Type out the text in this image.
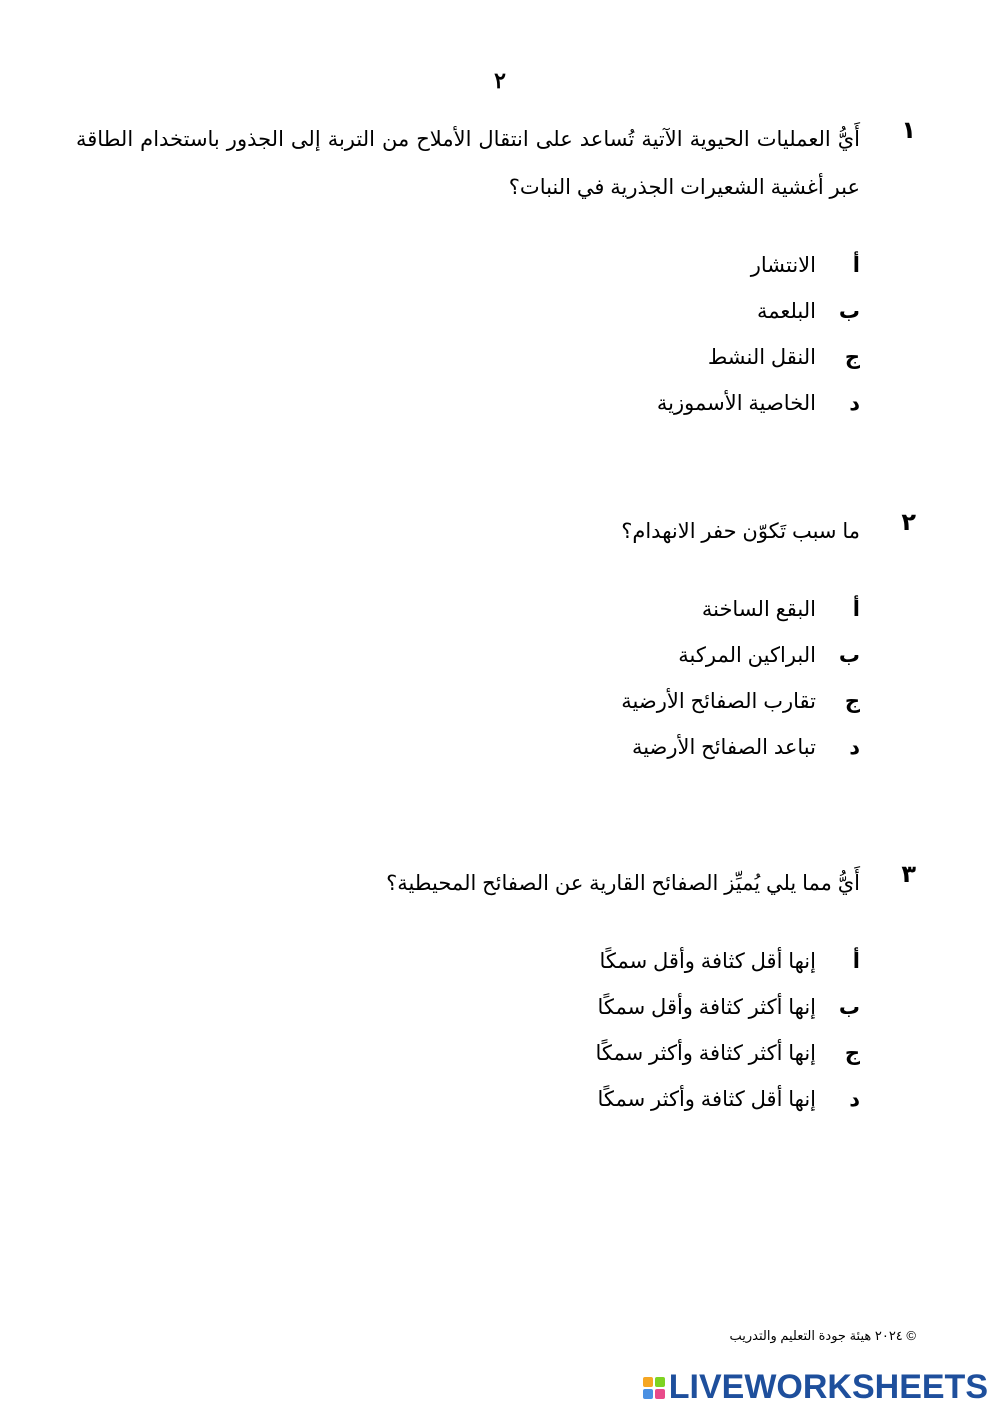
٢
١
أَيُّ العمليات الحيوية الآتية تُساعد على انتقال الأملاح من التربة إلى الجذور باستخدام الطاقة عبر أغشية الشعيرات الجذرية في النبات؟
أ
الانتشار
ب
البلعمة
ج
النقل النشط
د
الخاصية الأسموزية
٢
ما سبب تَكوّن حفر الانهدام؟
أ
البقع الساخنة
ب
البراكين المركبة
ج
تقارب الصفائح الأرضية
د
تباعد الصفائح الأرضية
٣
أَيُّ مما يلي يُميِّز الصفائح القارية عن الصفائح المحيطية؟
أ
إنها أقل كثافة وأقل سمكًا
ب
إنها أكثر كثافة وأقل سمكًا
ج
إنها أكثر كثافة وأكثر سمكًا
د
إنها أقل كثافة وأكثر سمكًا
© ٢٠٢٤ هيئة جودة التعليم والتدريب
LIVEWORKSHEETS
